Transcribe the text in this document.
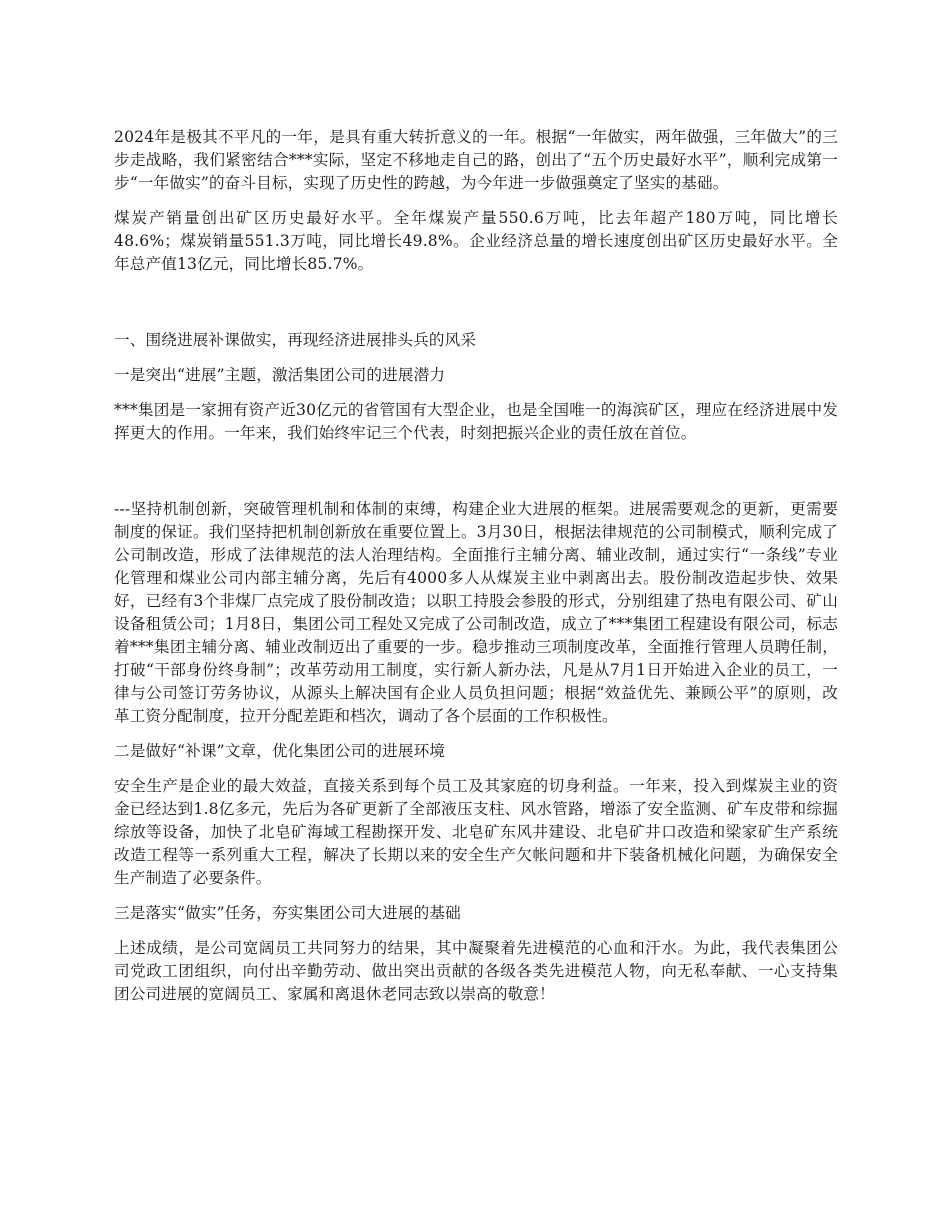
2024年是极其不平凡的一年，是具有重大转折意义的一年。根据“一年做实，两年做强，三年做大”的三步走战略，我们紧密结合***实际，坚定不移地走自己的路，创出了“五个历史最好水平”，顺利完成第一步“一年做实”的奋斗目标，实现了历史性的跨越，为今年进一步做强奠定了坚实的基础。

煤炭产销量创出矿区历史最好水平。全年煤炭产量550.6万吨，比去年超产180万吨，同比增长48.6%；煤炭销量551.3万吨，同比增长49.8%。企业经济总量的增长速度创出矿区历史最好水平。全年总产值13亿元，同比增长85.7%。

一、围绕进展补课做实，再现经济进展排头兵的风采

一是突出“进展”主题，激活集团公司的进展潜力

***集团是一家拥有资产近30亿元的省管国有大型企业，也是全国唯一的海滨矿区，理应在经济进展中发挥更大的作用。一年来，我们始终牢记三个代表，时刻把振兴企业的责任放在首位。

---坚持机制创新，突破管理机制和体制的束缚，构建企业大进展的框架。进展需要观念的更新，更需要制度的保证。我们坚持把机制创新放在重要位置上。3月30日，根据法律规范的公司制模式，顺利完成了公司制改造，形成了法律规范的法人治理结构。全面推行主辅分离、辅业改制，通过实行“一条线”专业化管理和煤业公司内部主辅分离，先后有4000多人从煤炭主业中剥离出去。股份制改造起步快、效果好，已经有3个非煤厂点完成了股份制改造；以职工持股会参股的形式，分别组建了热电有限公司、矿山设备租赁公司；1月8日，集团公司工程处又完成了公司制改造，成立了***集团工程建设有限公司，标志着***集团主辅分离、辅业改制迈出了重要的一步。稳步推动三项制度改革，全面推行管理人员聘任制，打破“干部身份终身制”；改革劳动用工制度，实行新人新办法，凡是从7月1日开始进入企业的员工，一律与公司签订劳务协议，从源头上解决国有企业人员负担问题；根据“效益优先、兼顾公平”的原则，改革工资分配制度，拉开分配差距和档次，调动了各个层面的工作积极性。

二是做好“补课”文章，优化集团公司的进展环境

安全生产是企业的最大效益，直接关系到每个员工及其家庭的切身利益。一年来，投入到煤炭主业的资金已经达到1.8亿多元，先后为各矿更新了全部液压支柱、风水管路，增添了安全监测、矿车皮带和综掘综放等设备，加快了北皂矿海域工程勘探开发、北皂矿东风井建设、北皂矿井口改造和梁家矿生产系统改造工程等一系列重大工程，解决了长期以来的安全生产欠帐问题和井下装备机械化问题，为确保安全生产制造了必要条件。

三是落实“做实”任务，夯实集团公司大进展的基础

上述成绩，是公司宽阔员工共同努力的结果，其中凝聚着先进模范的心血和汗水。为此，我代表集团公司党政工团组织，向付出辛勤劳动、做出突出贡献的各级各类先进模范人物，向无私奉献、一心支持集团公司进展的宽阔员工、家属和离退休老同志致以崇高的敬意！
